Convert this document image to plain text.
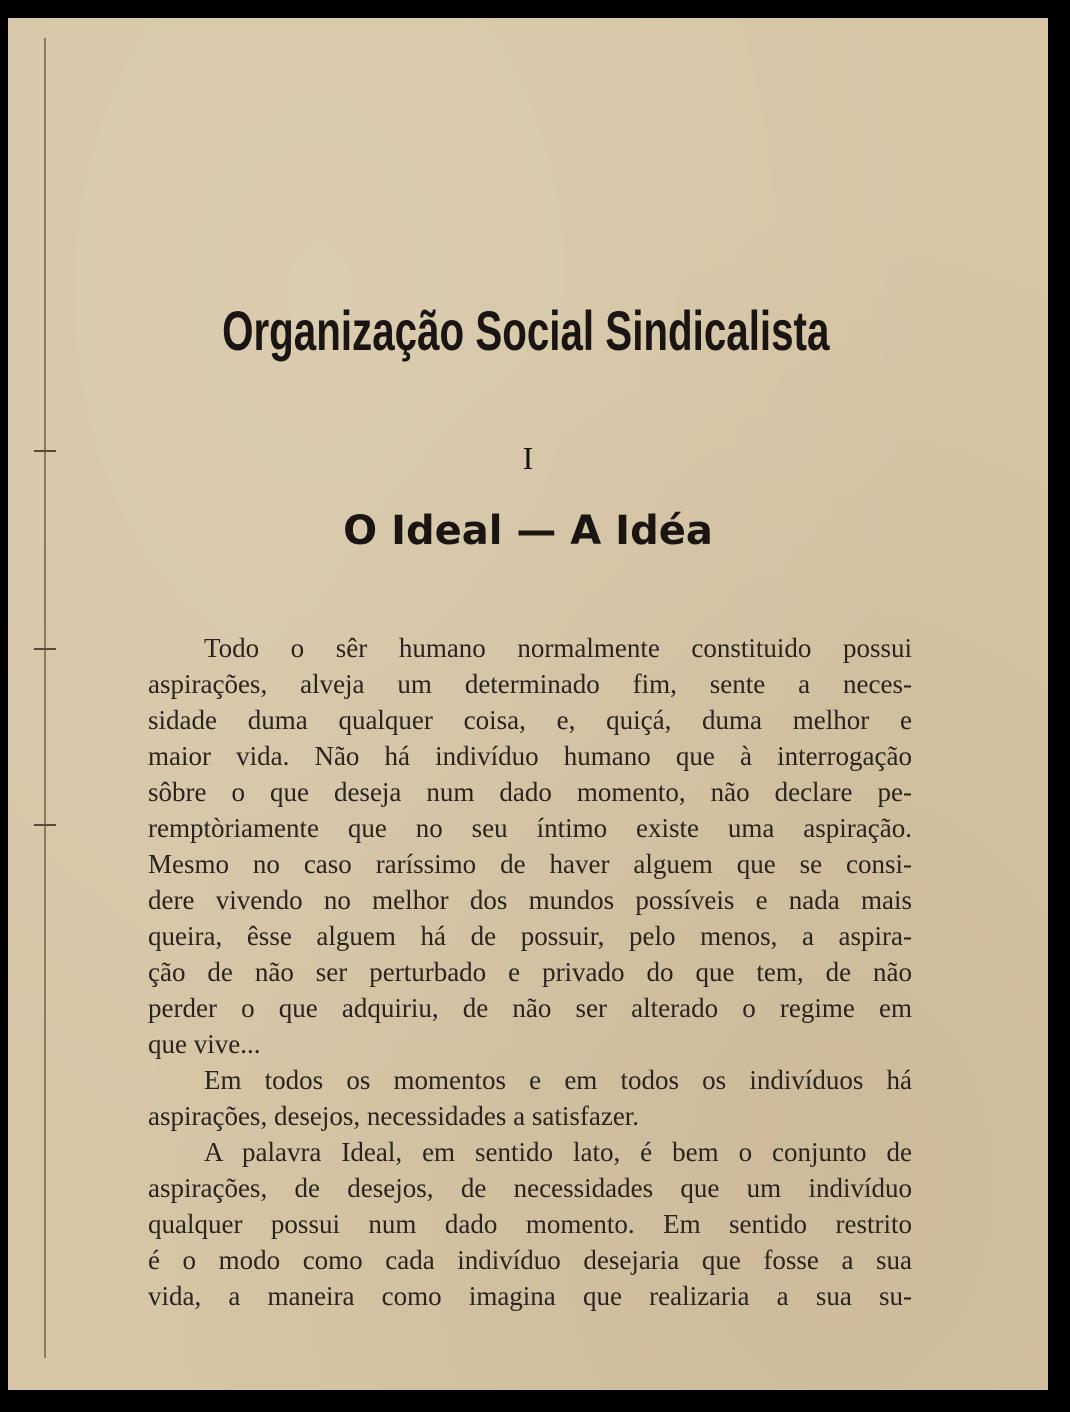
Organização Social Sindicalista
I
O Ideal — A Idéa
Todo o sêr humano normalmente constituido possui
aspirações, alveja um determinado fim, sente a neces-
sidade duma qualquer coisa, e, quiçá, duma melhor e
maior vida. Não há indivíduo humano que à interrogação
sôbre o que deseja num dado momento, não declare pe-
remptòriamente que no seu íntimo existe uma aspiração.
Mesmo no caso raríssimo de haver alguem que se consi-
dere vivendo no melhor dos mundos possíveis e nada mais
queira, êsse alguem há de possuir, pelo menos, a aspira-
ção de não ser perturbado e privado do que tem, de não
perder o que adquiriu, de não ser alterado o regime em
que vive...
Em todos os momentos e em todos os indivíduos há
aspirações, desejos, necessidades a satisfazer.
A palavra Ideal, em sentido lato, é bem o conjunto de
aspirações, de desejos, de necessidades que um indivíduo
qualquer possui num dado momento. Em sentido restrito
é o modo como cada indivíduo desejaria que fosse a sua
vida, a maneira como imagina que realizaria a sua su-
